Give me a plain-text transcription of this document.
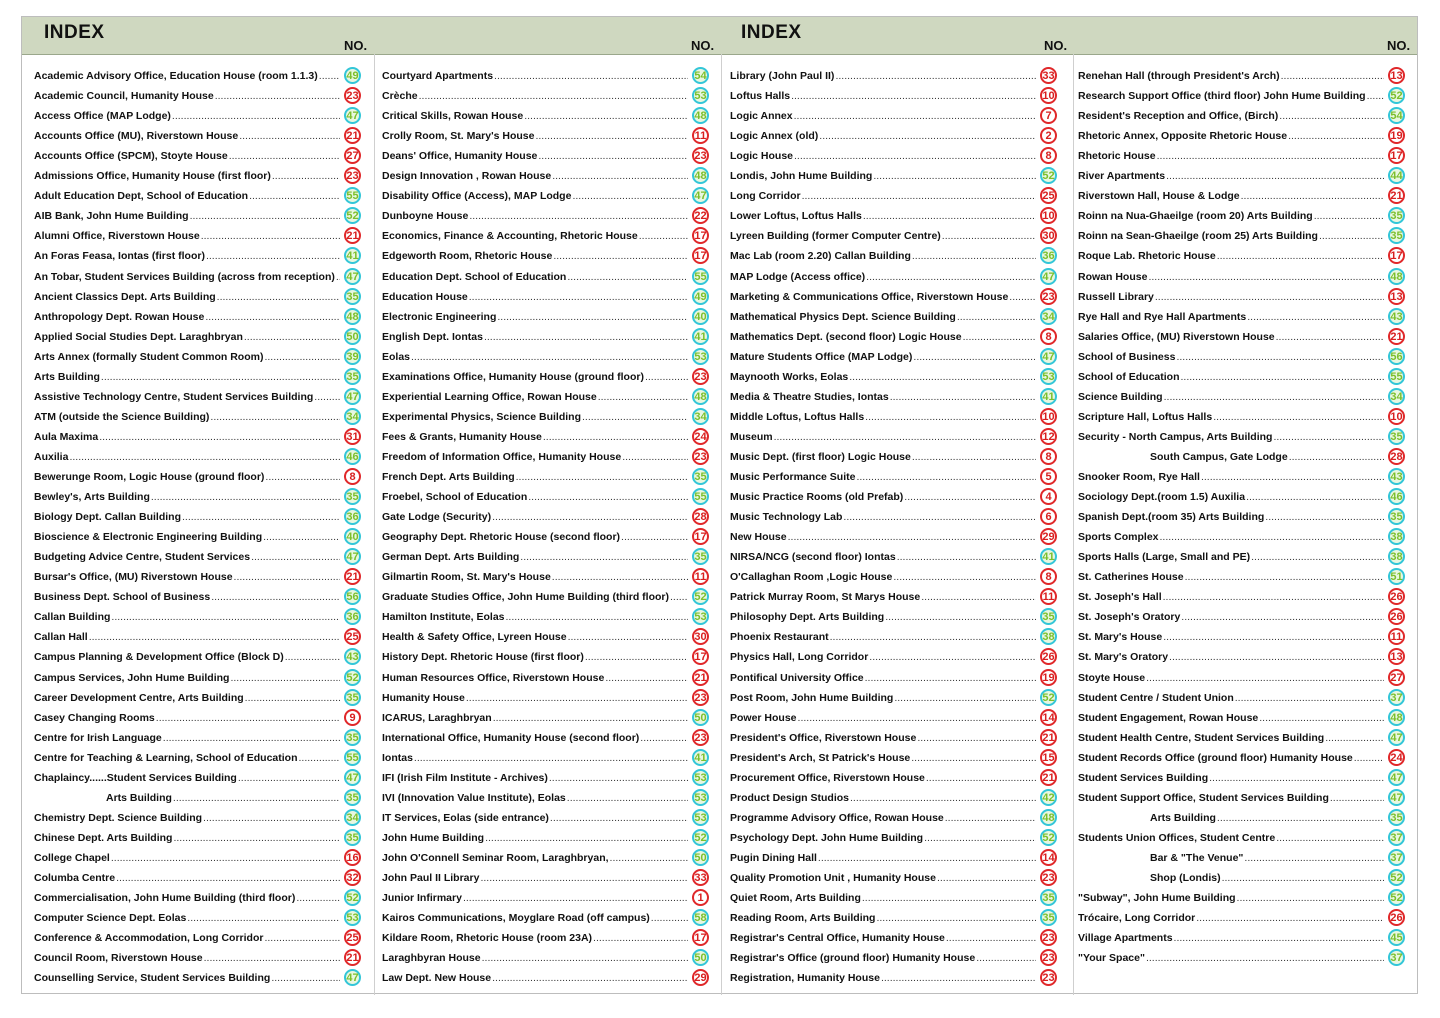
INDEX
NO.	NO.
INDEX
NO.	NO.
Academic Advisory Office, Education House (room 1.1.3) .....	49
Academic Council, Humanity House .....	23
Access Office (MAP Lodge) .....	47
Accounts Office (MU), Riverstown House .....	21
Accounts Office (SPCM), Stoyte House .....	27
Admissions Office, Humanity House (first floor) .....	23
Adult Education Dept, School of Education .....	55
AIB Bank, John Hume Building .....	52
Alumni Office, Riverstown House .....	21
An Foras Feasa, Iontas (first floor) .....	41
An Tobar, Student Services Building (across from reception) .....	47
Ancient Classics Dept. Arts Building .....	35
Anthropology Dept. Rowan House .....	48
Applied Social Studies Dept. Laraghbryan .....	50
Arts Annex (formally Student Common Room) .....	39
Arts Building .....	35
Assistive Technology Centre, Student Services Building .....	47
ATM (outside the Science Building) .....	34
Aula Maxima .....	31
Auxilia .....	46
Bewerunge Room, Logic House (ground floor) .....	8
Bewley's, Arts Building .....	35
Biology Dept. Callan Building .....	36
Bioscience & Electronic Engineering Building .....	40
Budgeting Advice Centre, Student Services .....	47
Bursar's Office, (MU) Riverstown House .....	21
Business Dept. School of Business .....	56
Callan Building .....	36
Callan Hall .....	25
Campus Planning & Development Office (Block D) .....	43
Campus Services, John Hume Building .....	52
Career Development Centre, Arts Building .....	35
Casey Changing Rooms .....	9
Centre for Irish Language .....	35
Centre for Teaching & Learning, School of Education .....	55
Chaplaincy......Student Services Building .....	47
Arts Building .....	35
Chemistry Dept. Science Building .....	34
Chinese Dept. Arts Building .....	35
College Chapel .....	16
Columba Centre .....	32
Commercialisation, John Hume Building (third floor) .....	52
Computer Science Dept. Eolas .....	53
Conference & Accommodation, Long Corridor .....	25
Council Room, Riverstown House .....	21
Counselling Service, Student Services Building .....	47
Courtyard Apartments .....	54
Crèche .....	53
Critical Skills, Rowan House .....	48
Crolly Room, St. Mary's House .....	11
Deans' Office, Humanity House .....	23
Design Innovation , Rowan House .....	48
Disability Office (Access), MAP Lodge .....	47
Dunboyne House .....	22
Economics, Finance & Accounting, Rhetoric House .....	17
Edgeworth Room, Rhetoric House .....	17
Education Dept. School of Education .....	55
Education House .....	49
Electronic Engineering .....	40
English Dept. Iontas .....	41
Eolas .....	53
Examinations Office, Humanity House (ground floor) .....	23
Experiential Learning Office, Rowan House .....	48
Experimental Physics, Science Building .....	34
Fees & Grants, Humanity House .....	24
Freedom of Information Office, Humanity House .....	23
French Dept. Arts Building .....	35
Froebel, School of Education .....	55
Gate Lodge (Security) .....	28
Geography Dept. Rhetoric House (second floor) .....	17
German Dept. Arts Building .....	35
Gilmartin Room, St. Mary's House .....	11
Graduate Studies Office, John Hume Building (third floor) .....	52
Hamilton Institute, Eolas .....	53
Health & Safety Office, Lyreen House .....	30
History Dept. Rhetoric House (first floor) .....	17
Human Resources Office, Riverstown House .....	21
Humanity House .....	23
ICARUS, Laraghbryan .....	50
International Office, Humanity House (second floor) .....	23
Iontas .....	41
IFI (Irish Film Institute - Archives) .....	53
IVI (Innovation Value Institute), Eolas .....	53
IT Services, Eolas (side entrance) .....	53
John Hume Building .....	52
John O'Connell Seminar Room, Laraghbryan, .....	50
John Paul II Library .....	33
Junior Infirmary .....	1
Kairos Communications, Moyglare Road (off campus) .....	58
Kildare Room, Rhetoric House (room 23A) .....	17
Laraghbyran House .....	50
Law Dept. New House .....	29
Library (John Paul II) .....	33
Loftus Halls .....	10
Logic Annex .....	7
Logic Annex (old) .....	2
Logic House .....	8
Londis, John Hume Building .....	52
Long Corridor .....	25
Lower Loftus, Loftus Halls .....	10
Lyreen Building (former Computer Centre) .....	30
Mac Lab (room 2.20) Callan Building .....	36
MAP Lodge (Access office) .....	47
Marketing & Communications Office, Riverstown House .....	23
Mathematical Physics Dept. Science Building .....	34
Mathematics Dept. (second floor) Logic House .....	8
Mature Students Office (MAP Lodge) .....	47
Maynooth Works, Eolas .....	53
Media & Theatre Studies, Iontas .....	41
Middle Loftus, Loftus Halls .....	10
Museum .....	12
Music Dept. (first floor) Logic House .....	8
Music Performance Suite .....	5
Music Practice Rooms (old Prefab) .....	4
Music Technology Lab .....	6
New House .....	29
NIRSA/NCG (second floor) Iontas .....	41
O'Callaghan Room ,Logic House .....	8
Patrick Murray Room, St Marys House .....	11
Philosophy Dept. Arts Building .....	35
Phoenix Restaurant .....	38
Physics Hall, Long Corridor .....	26
Pontifical University Office .....	19
Post Room, John Hume Building .....	52
Power House .....	14
President's Office, Riverstown House .....	21
President's Arch, St Patrick's House .....	15
Procurement Office, Riverstown House .....	21
Product Design Studios .....	42
Programme Advisory Office, Rowan House .....	48
Psychology Dept. John Hume Building .....	52
Pugin Dining Hall .....	14
Quality Promotion Unit , Humanity House .....	23
Quiet Room, Arts Building .....	35
Reading Room, Arts Building .....	35
Registrar's Central Office, Humanity House .....	23
Registrar's Office (ground floor) Humanity House .....	23
Registration, Humanity House .....	23
Renehan Hall (through President's Arch) .....	13
Research Support Office (third floor) John Hume Building .....	52
Resident's Reception and Office, (Birch) .....	54
Rhetoric Annex, Opposite Rhetoric House .....	19
Rhetoric House .....	17
River Apartments .....	44
Riverstown Hall, House & Lodge .....	21
Roinn na Nua-Ghaeilge (room 20) Arts Building .....	35
Roinn na Sean-Ghaeilge (room 25) Arts Building .....	35
Roque Lab. Rhetoric House .....	17
Rowan House .....	48
Russell Library .....	13
Rye Hall and Rye Hall Apartments .....	43
Salaries Office, (MU) Riverstown House .....	21
School of Business .....	56
School of Education .....	55
Science Building .....	34
Scripture Hall, Loftus Halls .....	10
Security - North Campus, Arts Building .....	35
South Campus, Gate Lodge .....	28
Snooker Room, Rye Hall .....	43
Sociology Dept.(room 1.5) Auxilia .....	46
Spanish Dept.(room 35) Arts Building .....	35
Sports Complex .....	38
Sports Halls (Large, Small and PE) .....	38
St. Catherines House .....	51
St. Joseph's Hall .....	26
St. Joseph's Oratory .....	26
St. Mary's House .....	11
St. Mary's Oratory .....	13
Stoyte House .....	27
Student Centre / Student Union .....	37
Student Engagement, Rowan House .....	48
Student Health Centre, Student Services Building .....	47
Student Records Office (ground floor) Humanity House .....	24
Student Services Building .....	47
Student Support Office, Student Services Building .....	47
Arts Building .....	35
Students Union Offices, Student Centre .....	37
Bar & "The Venue" .....	37
Shop (Londis) .....	52
"Subway", John Hume Building .....	52
Trócaire, Long Corridor .....	26
Village Apartments .....	45
"Your Space" .....	37
